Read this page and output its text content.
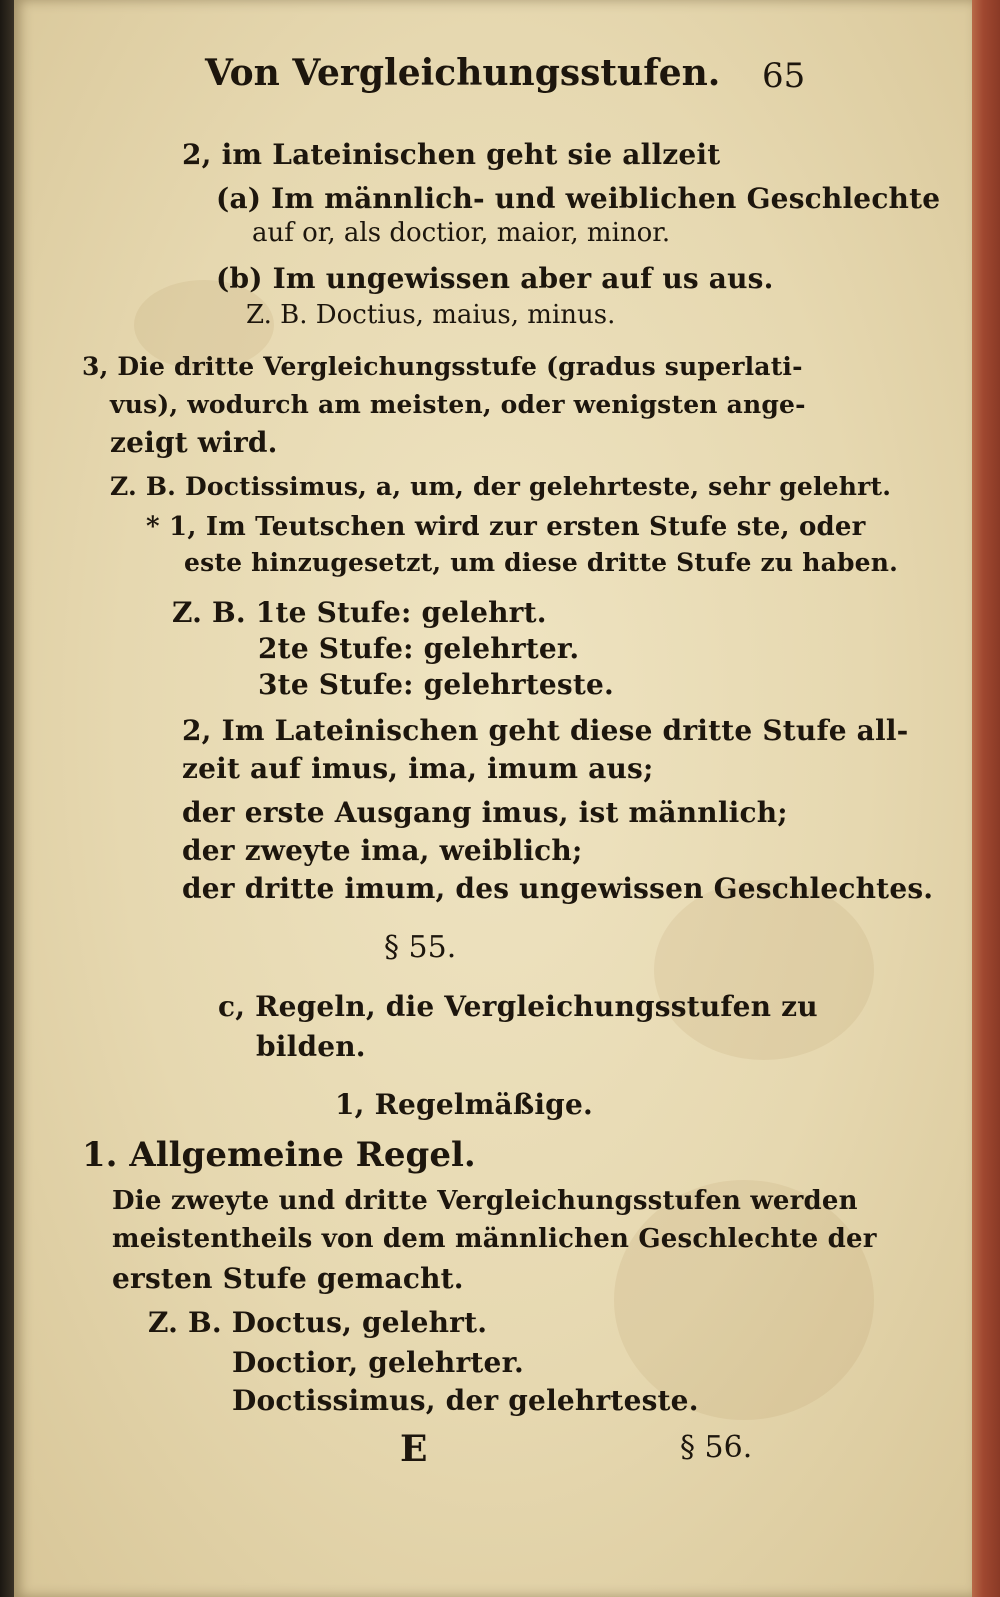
Von Vergleichungsstufen. 65
2, im Lateinischen geht sie allzeit
(a) Im männlich- und weiblichen Geschlechte
auf or, als doctior, maior, minor.
(b) Im ungewissen aber auf us aus.
Z. B. Doctius, maius, minus.
3, Die dritte Vergleichungsstufe (gradus superlati-
vus), wodurch am meisten, oder wenigsten ange-
zeigt wird.
Z. B. Doctissimus, a, um, der gelehrteste, sehr gelehrt.
* 1, Im Teutschen wird zur ersten Stufe ste, oder
este hinzugesetzt, um diese dritte Stufe zu haben.
Z. B. 1te Stufe: gelehrt.
2te Stufe: gelehrter.
3te Stufe: gelehrteste.
2, Im Lateinischen geht diese dritte Stufe all-
zeit auf imus, ima, imum aus;
der erste Ausgang imus, ist männlich;
der zweyte ima, weiblich;
der dritte imum, des ungewissen Geschlechtes.
§ 55.
c, Regeln, die Vergleichungsstufen zu
bilden.
1, Regelmäßige.
1. Allgemeine Regel.
Die zweyte und dritte Vergleichungsstufen werden
meistentheils von dem männlichen Geschlechte der
ersten Stufe gemacht.
Z. B. Doctus, gelehrt.
Doctior, gelehrter.
Doctissimus, der gelehrteste.
E	§ 56.
